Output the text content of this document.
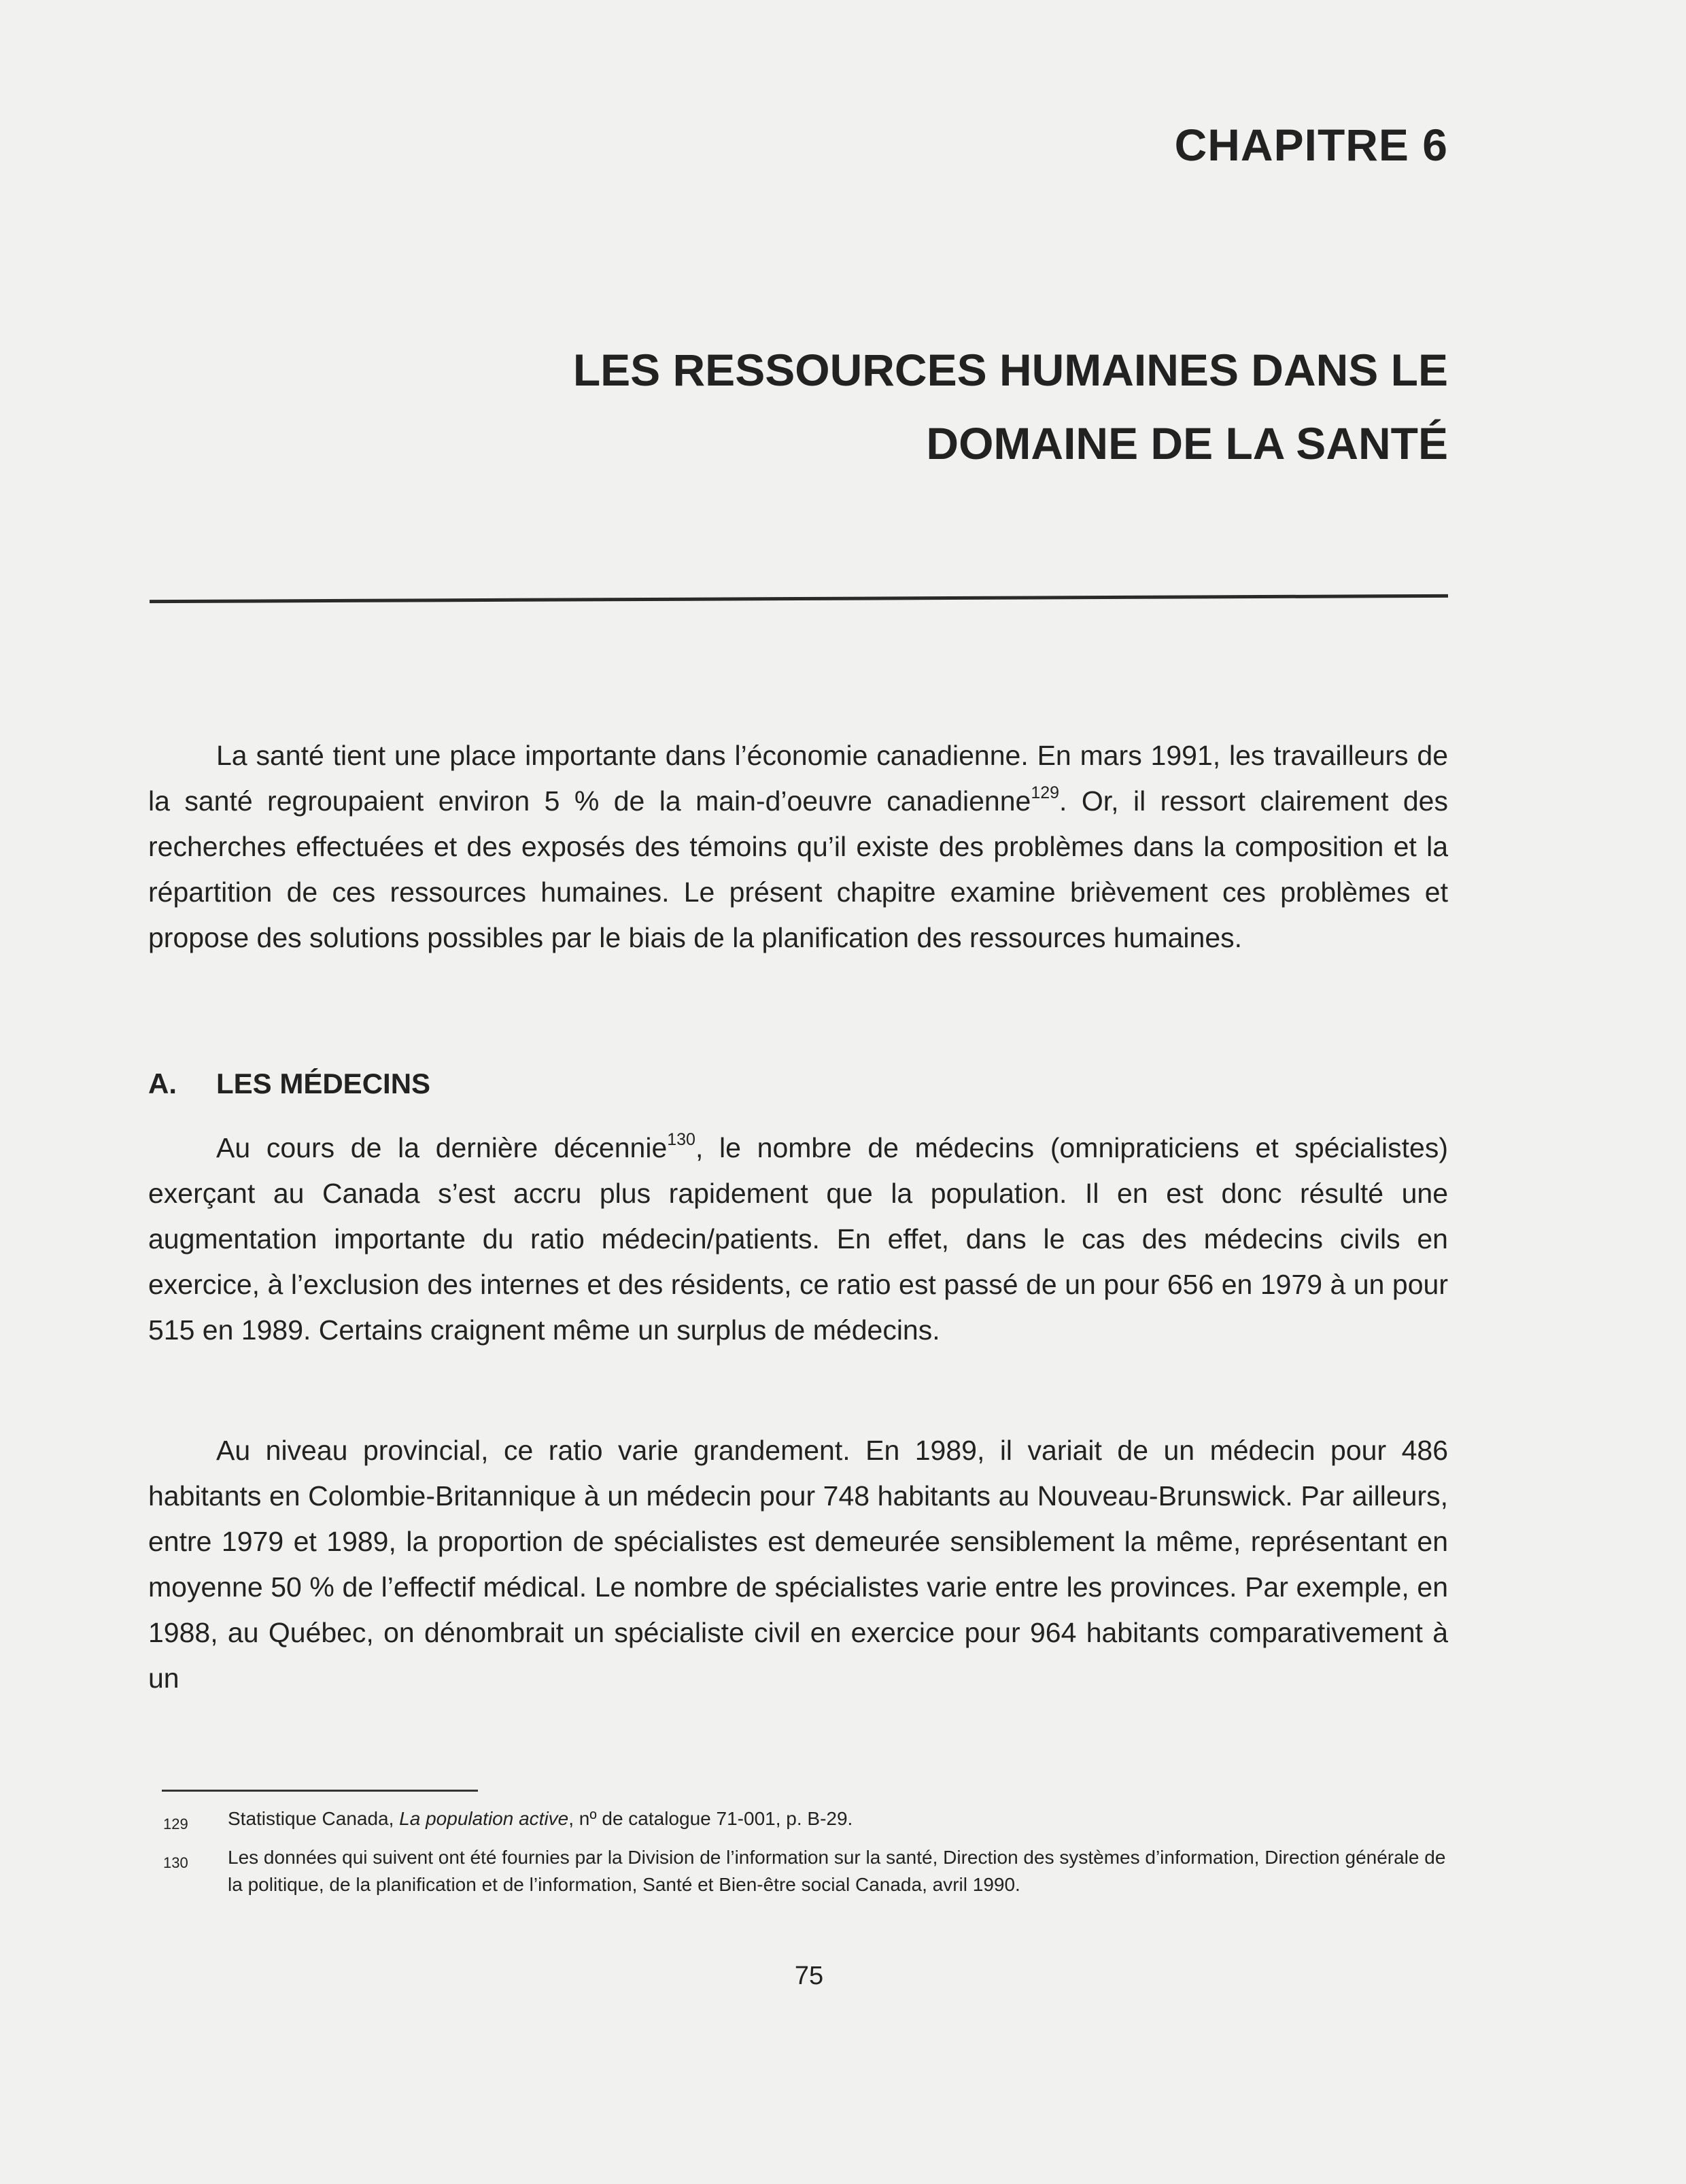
CHAPITRE 6
LES RESSOURCES HUMAINES DANS LE
DOMAINE DE LA SANTÉ

La santé tient une place importante dans l’économie canadienne. En mars 1991, les travailleurs de la santé regroupaient environ 5 % de la main-d’oeuvre canadienne$^{129}$. Or, il ressort clairement des recherches effectuées et des exposés des témoins qu’il existe des problèmes dans la composition et la répartition de ces ressources humaines. Le présent chapitre examine brièvement ces problèmes et propose des solutions possibles par le biais de la planification des ressources humaines.

A. LES MÉDECINS

Au cours de la dernière décennie$^{130}$, le nombre de médecins (omnipraticiens et spécialistes) exerçant au Canada s’est accru plus rapidement que la population. Il en est donc résulté une augmentation importante du ratio médecin/patients. En effet, dans le cas des médecins civils en exercice, à l’exclusion des internes et des résidents, ce ratio est passé de un pour 656 en 1979 à un pour 515 en 1989. Certains craignent même un surplus de médecins.

Au niveau provincial, ce ratio varie grandement. En 1989, il variait de un médecin pour 486 habitants en Colombie-Britannique à un médecin pour 748 habitants au Nouveau-Brunswick. Par ailleurs, entre 1979 et 1989, la proportion de spécialistes est demeurée sensiblement la même, représentant en moyenne 50 % de l’effectif médical. Le nombre de spécialistes varie entre les provinces. Par exemple, en 1988, au Québec, on dénombrait un spécialiste civil en exercice pour 964 habitants comparativement à un

129 Statistique Canada, La population active, nº de catalogue 71-001, p. B-29.

130 Les données qui suivent ont été fournies par la Division de l’information sur la santé, Direction des systèmes d’information, Direction générale de la politique, de la planification et de l’information, Santé et Bien-être social Canada, avril 1990.

75
